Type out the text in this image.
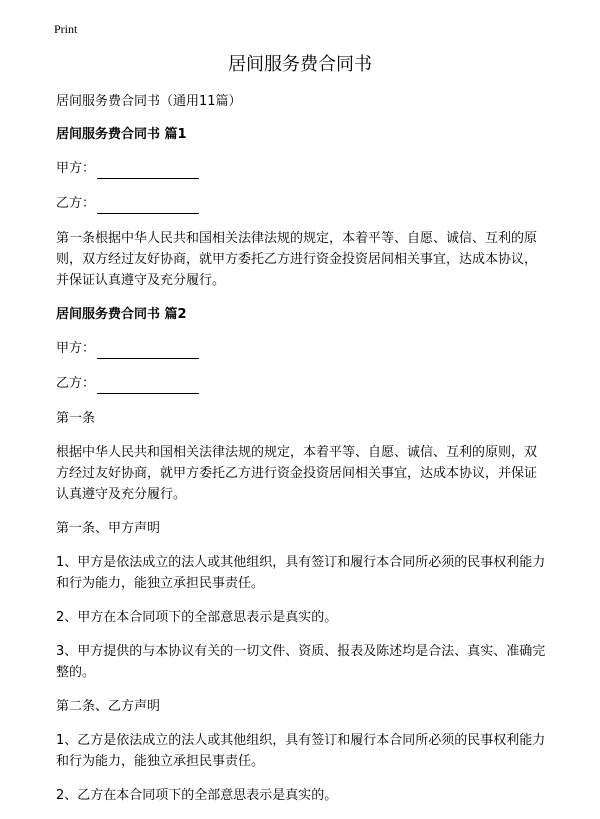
Print
居间服务费合同书

居间服务费合同书（通用11篇）

居间服务费合同书 篇1

甲方：
乙方：

第一条根据中华人民共和国相关法律法规的规定，本着平等、自愿、诚信、互利的原则，双方经过友好协商，就甲方委托乙方进行资金投资居间相关事宜，达成本协议，并保证认真遵守及充分履行。

居间服务费合同书 篇2

甲方：
乙方：

第一条

根据中华人民共和国相关法律法规的规定，本着平等、自愿、诚信、互利的原则，双方经过友好协商，就甲方委托乙方进行资金投资居间相关事宜，达成本协议，并保证认真遵守及充分履行。

第一条、甲方声明

1、甲方是依法成立的法人或其他组织，具有签订和履行本合同所必须的民事权利能力和行为能力，能独立承担民事责任。

2、甲方在本合同项下的全部意思表示是真实的。

3、甲方提供的与本协议有关的一切文件、资质、报表及陈述均是合法、真实、准确完整的。

第二条、乙方声明

1、乙方是依法成立的法人或其他组织，具有签订和履行本合同所必须的民事权利能力和行为能力，能独立承担民事责任。

2、乙方在本合同项下的全部意思表示是真实的。
